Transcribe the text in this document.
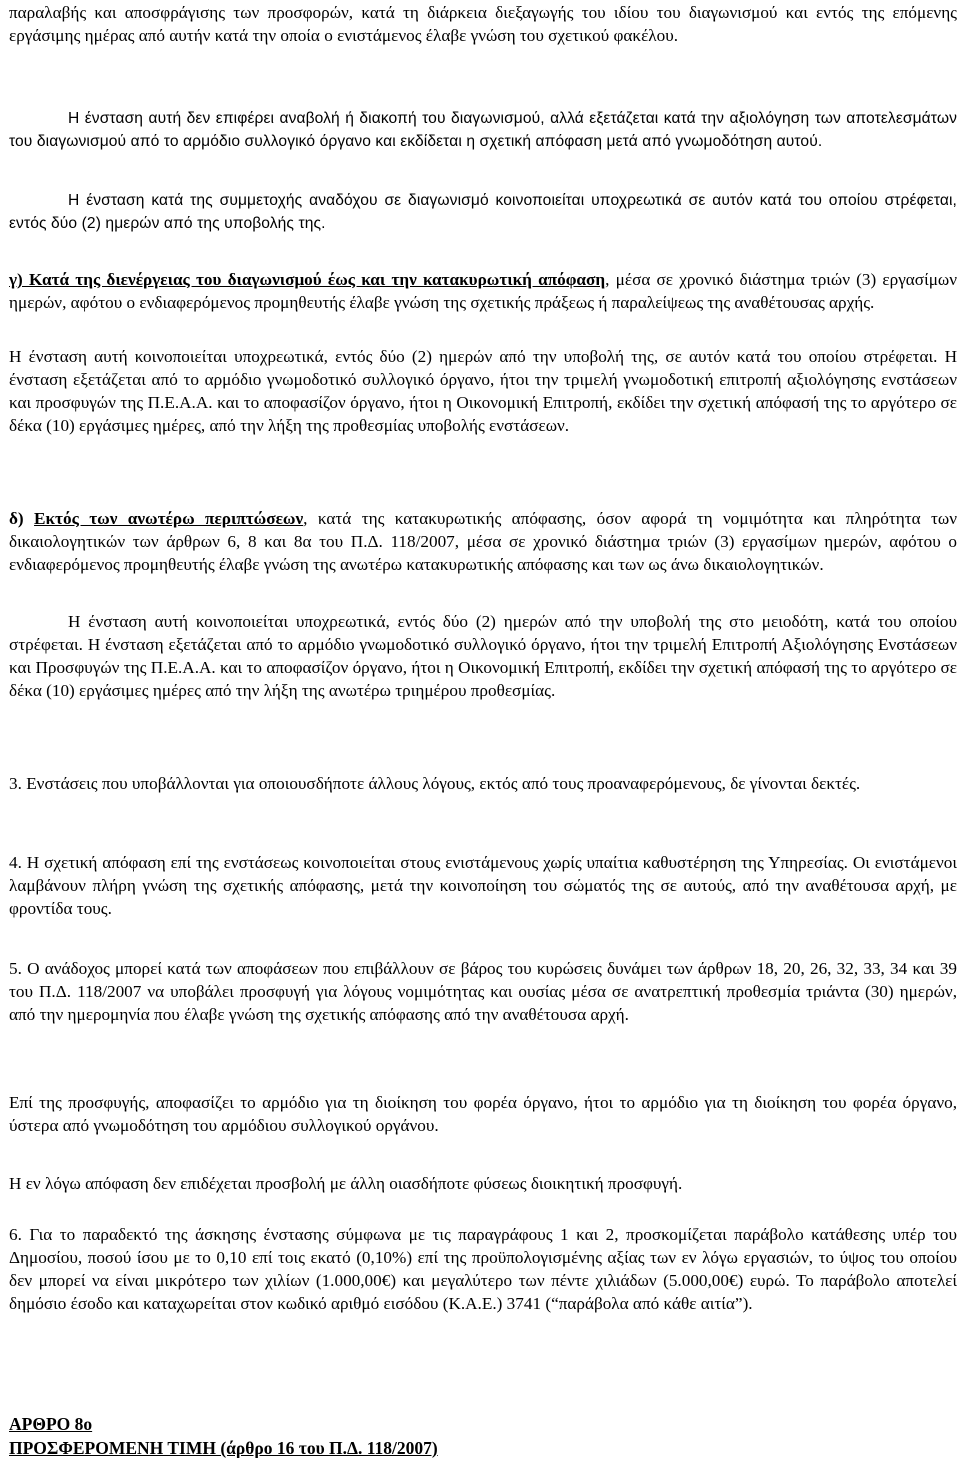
παραλαβής και αποσφράγισης των προσφορών, κατά τη διάρκεια διεξαγωγής του ιδίου του διαγωνισμού και εντός της επόμενης εργάσιμης ημέρας από αυτήν κατά την οποία ο ενιστάμενος έλαβε γνώση του σχετικού φακέλου.

Η ένσταση αυτή δεν επιφέρει αναβολή ή διακοπή του διαγωνισμού, αλλά εξετάζεται κατά την αξιολόγηση των αποτελεσμάτων του διαγωνισμού από το αρμόδιο συλλογικό όργανο και εκδίδεται η σχετική απόφαση μετά από γνωμοδότηση αυτού.

Η ένσταση κατά της συμμετοχής αναδόχου σε διαγωνισμό κοινοποιείται υποχρεωτικά σε αυτόν κατά του οποίου στρέφεται, εντός δύο (2) ημερών από της υποβολής της.

γ) Κατά της διενέργειας του διαγωνισμού έως και την κατακυρωτική απόφαση, μέσα σε χρονικό διάστημα τριών (3) εργασίμων ημερών, αφότου ο ενδιαφερόμενος προμηθευτής έλαβε γνώση της σχετικής πράξεως ή παραλείψεως της αναθέτουσας αρχής.

Η ένσταση αυτή κοινοποιείται υποχρεωτικά, εντός δύο (2) ημερών από την υποβολή της, σε αυτόν κατά του οποίου στρέφεται. Η ένσταση εξετάζεται από το αρμόδιο γνωμοδοτικό συλλογικό όργανο, ήτοι την τριμελή γνωμοδοτική επιτροπή αξιολόγησης ενστάσεων και προσφυγών της Π.Ε.Α.Α. και το αποφασίζον όργανο, ήτοι η Οικονομική Επιτροπή, εκδίδει την σχετική απόφασή της το αργότερο σε δέκα (10) εργάσιμες ημέρες, από την λήξη της προθεσμίας υποβολής ενστάσεων.

δ) Εκτός των ανωτέρω περιπτώσεων, κατά της κατακυρωτικής απόφασης, όσον αφορά τη νομιμότητα και πληρότητα των δικαιολογητικών των άρθρων 6, 8 και 8α του Π.Δ. 118/2007, μέσα σε χρονικό διάστημα τριών (3) εργασίμων ημερών, αφότου ο ενδιαφερόμενος προμηθευτής έλαβε γνώση της ανωτέρω κατακυρωτικής απόφασης και των ως άνω δικαιολογητικών.

Η ένσταση αυτή κοινοποιείται υποχρεωτικά, εντός δύο (2) ημερών από την υποβολή της στο μειοδότη, κατά του οποίου στρέφεται. Η ένσταση εξετάζεται από το αρμόδιο γνωμοδοτικό συλλογικό όργανο, ήτοι την τριμελή Επιτροπή Αξιολόγησης Ενστάσεων και Προσφυγών της Π.Ε.Α.Α. και το αποφασίζον όργανο, ήτοι η Οικονομική Επιτροπή, εκδίδει την σχετική απόφασή της το αργότερο σε δέκα (10) εργάσιμες ημέρες από την λήξη της ανωτέρω τριημέρου προθεσμίας.

3. Ενστάσεις που υποβάλλονται για οποιουσδήποτε άλλους λόγους, εκτός από τους προαναφερόμενους, δε γίνονται δεκτές.

4. Η σχετική απόφαση επί της ενστάσεως κοινοποιείται στους ενιστάμενους χωρίς υπαίτια καθυστέρηση της Υπηρεσίας. Οι ενιστάμενοι λαμβάνουν πλήρη γνώση της σχετικής απόφασης, μετά την κοινοποίηση του σώματός της σε αυτούς, από την αναθέτουσα αρχή, με φροντίδα τους.

5. Ο ανάδοχος μπορεί κατά των αποφάσεων που επιβάλλουν σε βάρος του κυρώσεις δυνάμει των άρθρων 18, 20, 26, 32, 33, 34 και 39 του Π.Δ. 118/2007 να υποβάλει προσφυγή για λόγους νομιμότητας και ουσίας μέσα σε ανατρεπτική προθεσμία τριάντα (30) ημερών, από την ημερομηνία που έλαβε γνώση της σχετικής απόφασης από την αναθέτουσα αρχή.

Επί της προσφυγής, αποφασίζει το αρμόδιο για τη διοίκηση του φορέα όργανο, ήτοι το αρμόδιο για τη διοίκηση του φορέα όργανο, ύστερα από γνωμοδότηση του αρμόδιου συλλογικού οργάνου.

Η εν λόγω απόφαση δεν επιδέχεται προσβολή με άλλη οιασδήποτε φύσεως διοικητική προσφυγή.

6. Για το παραδεκτό της άσκησης ένστασης σύμφωνα με τις παραγράφους 1 και 2, προσκομίζεται παράβολο κατάθεσης υπέρ του Δημοσίου, ποσού ίσου με το 0,10 επί τοις εκατό (0,10%) επί της προϋπολογισμένης αξίας των εν λόγω εργασιών, το ύψος του οποίου δεν μπορεί να είναι μικρότερο των χιλίων (1.000,00€) και μεγαλύτερο των πέντε χιλιάδων (5.000,00€) ευρώ. Το παράβολο αποτελεί δημόσιο έσοδο και καταχωρείται στον κωδικό αριθμό εισόδου (Κ.Α.Ε.) 3741 (“παράβολα από κάθε αιτία”).

ΑΡΘΡΟ 8ο

ΠΡΟΣΦΕΡΟΜΕΝΗ ΤΙΜΗ (άρθρο 16 του Π.Δ. 118/2007)
